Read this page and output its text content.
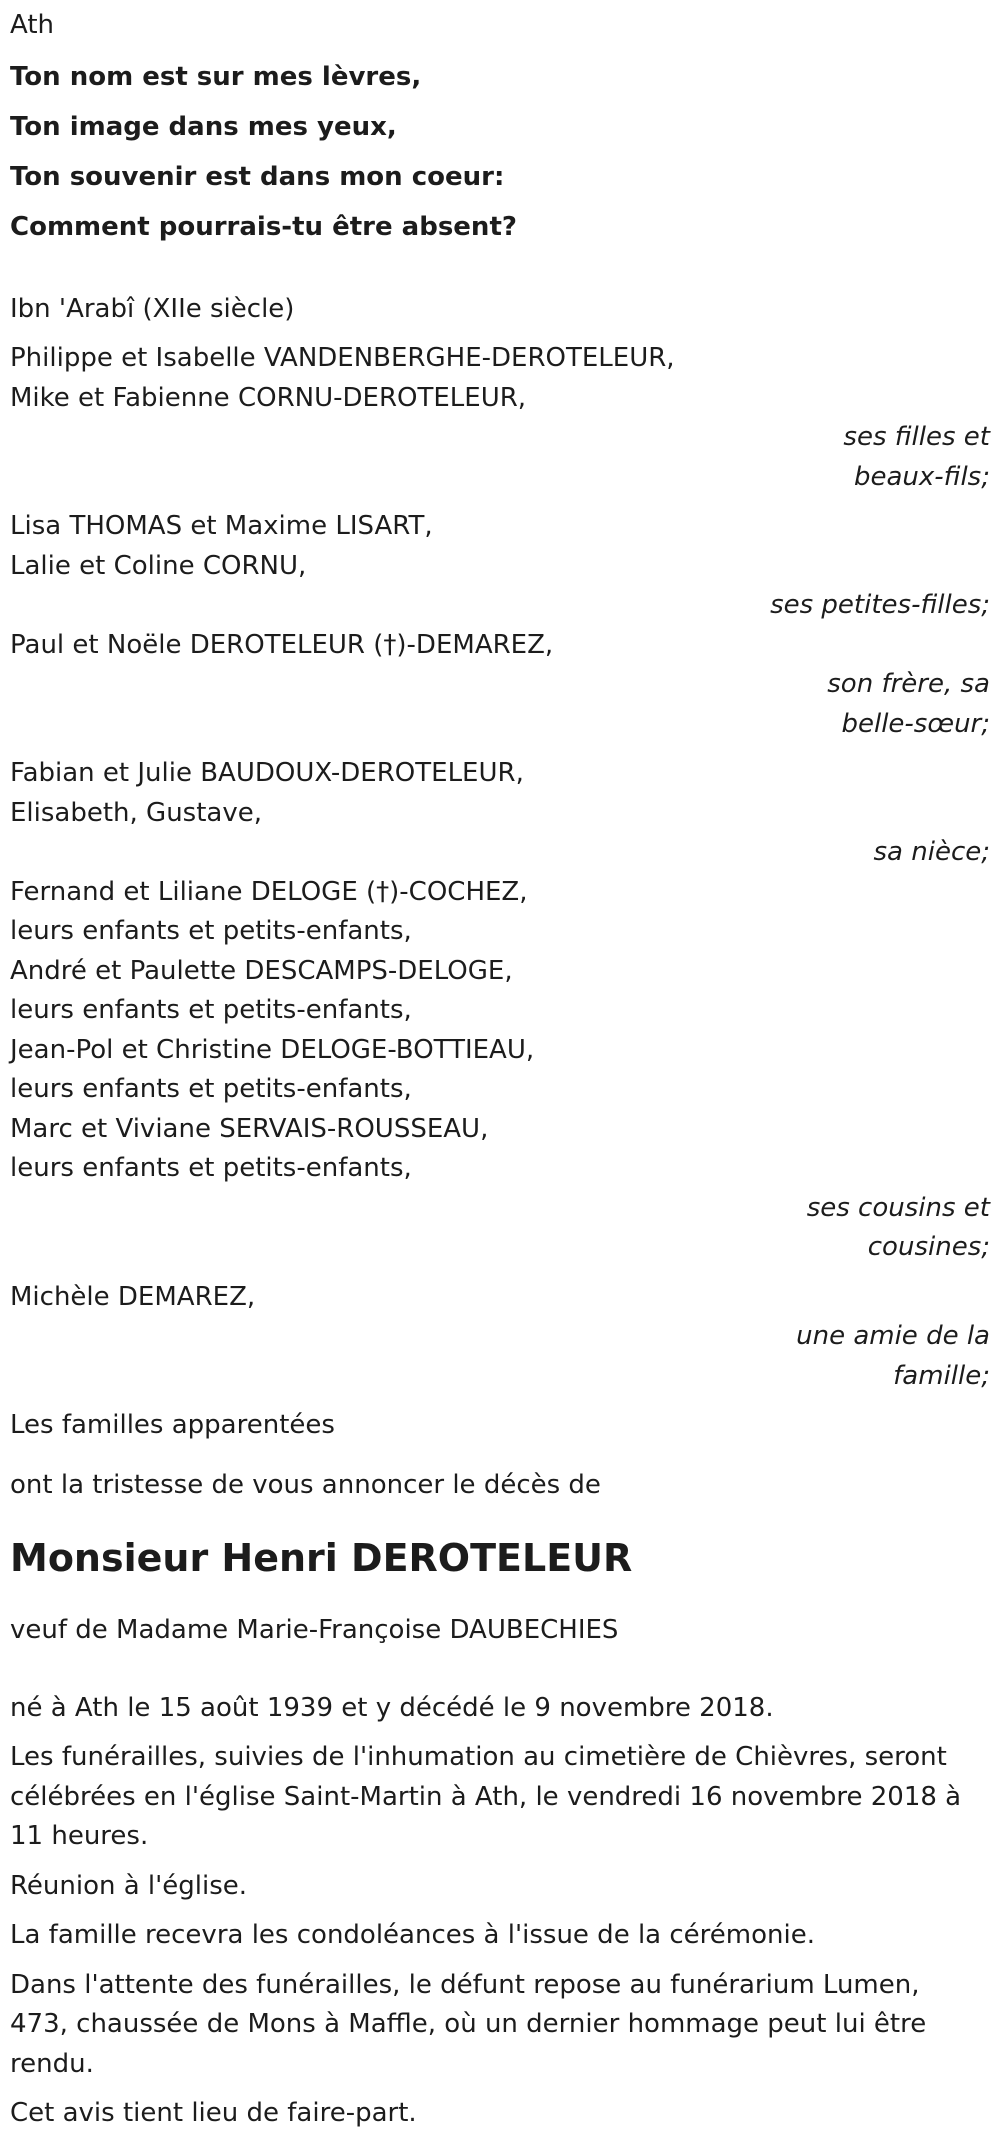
Ath
Ton nom est sur mes lèvres,
Ton image dans mes yeux,
Ton souvenir est dans mon coeur:
Comment pourrais-tu être absent?
Ibn 'Arabî (XIIe siècle)
Philippe et Isabelle VANDENBERGHE-DEROTELEUR,
Mike et Fabienne CORNU-DEROTELEUR,
ses filles et
beaux-fils;
Lisa THOMAS et Maxime LISART,
Lalie et Coline CORNU,
ses petites-filles;
Paul et Noële DEROTELEUR (†)-DEMAREZ,
son frère, sa
belle-sœur;
Fabian et Julie BAUDOUX-DEROTELEUR,
Elisabeth, Gustave,
sa nièce;
Fernand et Liliane DELOGE (†)-COCHEZ,
leurs enfants et petits-enfants,
André et Paulette DESCAMPS-DELOGE,
leurs enfants et petits-enfants,
Jean-Pol et Christine DELOGE-BOTTIEAU,
leurs enfants et petits-enfants,
Marc et Viviane SERVAIS-ROUSSEAU,
leurs enfants et petits-enfants,
ses cousins et
cousines;
Michèle DEMAREZ,
une amie de la
famille;
Les familles apparentées
ont la tristesse de vous annoncer le décès de
Monsieur Henri DEROTELEUR
veuf de Madame Marie-Françoise DAUBECHIES
né à Ath le 15 août 1939 et y décédé le 9 novembre 2018.
Les funérailles, suivies de l'inhumation au cimetière de Chièvres, seront célébrées en l'église Saint-Martin à Ath, le vendredi 16 novembre 2018 à 11 heures.
Réunion à l'église.
La famille recevra les condoléances à l'issue de la cérémonie.
Dans l'attente des funérailles, le défunt repose au funérarium Lumen, 473, chaussée de Mons à Maffle, où un dernier hommage peut lui être rendu.
Cet avis tient lieu de faire-part.
